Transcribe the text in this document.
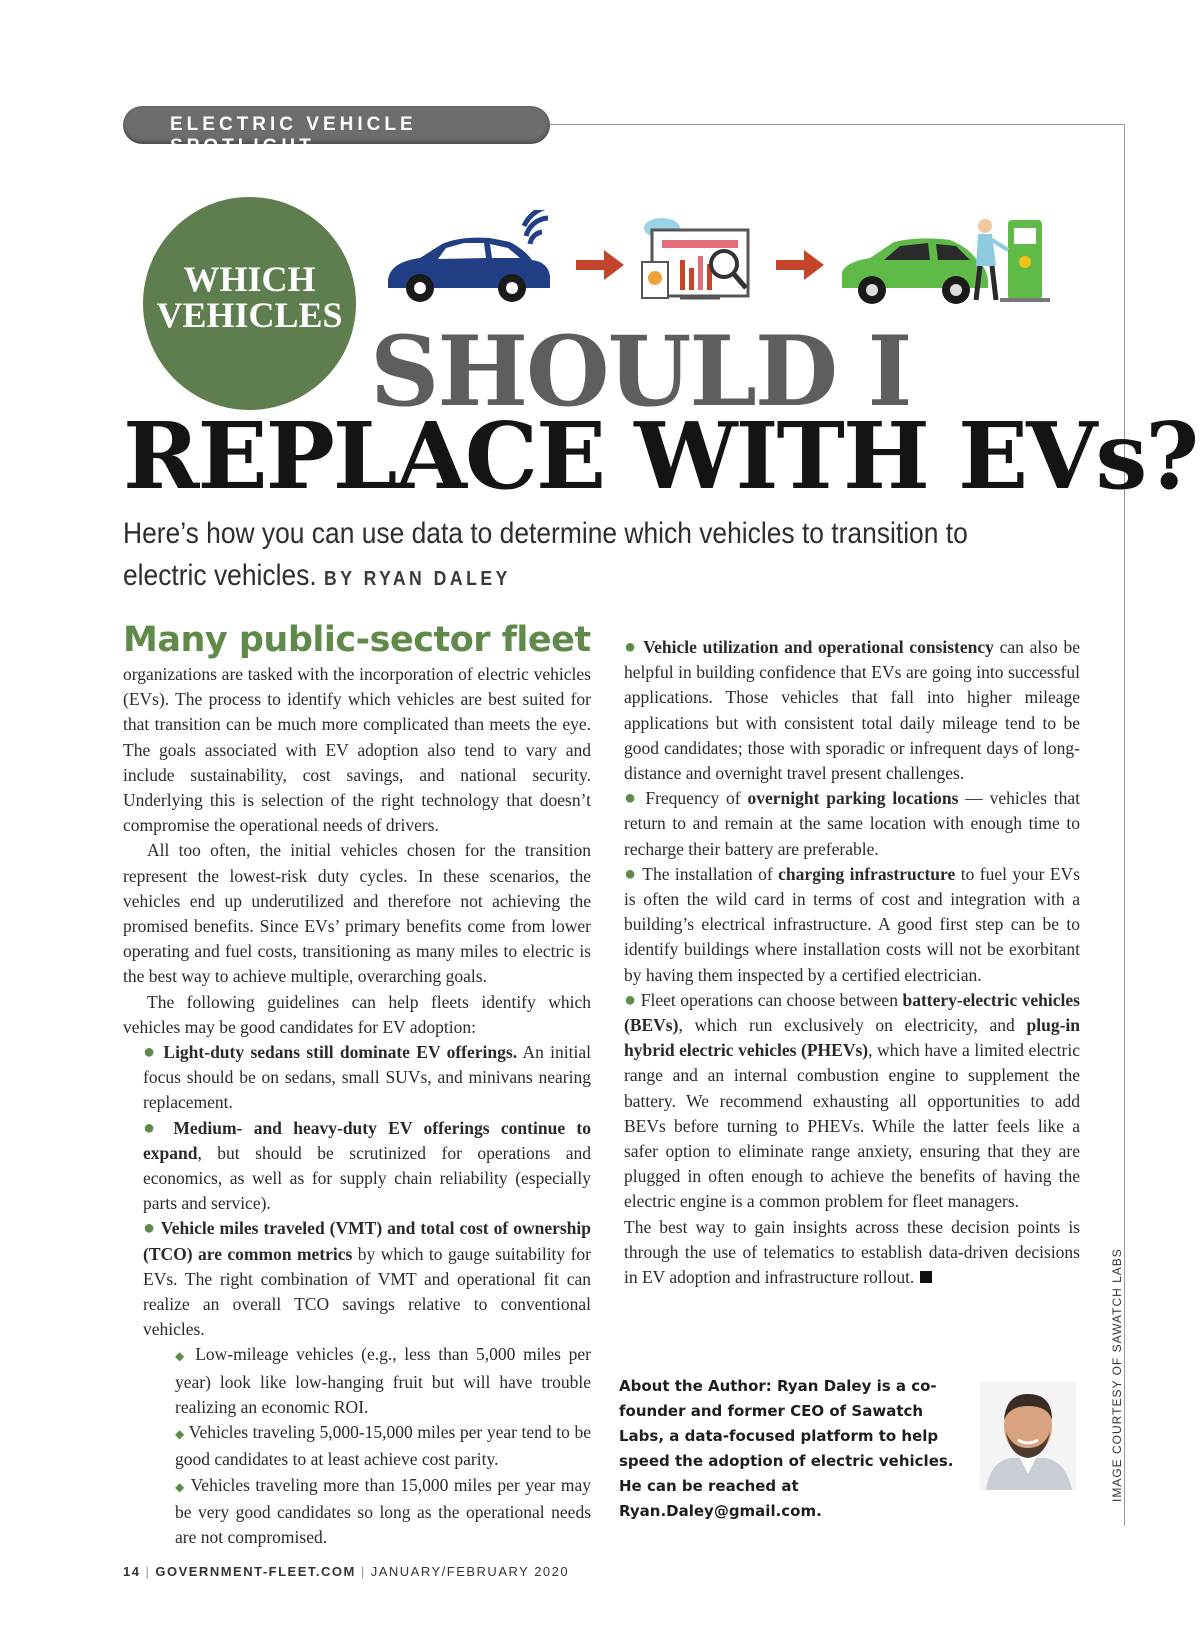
ELECTRIC VEHICLE SPOTLIGHT
WHICH
VEHICLES SHOULD I
REPLACE WITH EVs?
Here’s how you can use data to determine which vehicles to transition to electric vehicles. BY RYAN DALEY
Many public-sector fleet

organizations are tasked with the incorporation of electric vehicles (EVs). The process to identify which vehicles are best suited for that transition can be much more complicated than meets the eye. The goals associated with EV adoption also tend to vary and include sustainability, cost savings, and national security. Underlying this is selection of the right technology that doesn’t compromise the operational needs of drivers.

All too often, the initial vehicles chosen for the transition represent the lowest-risk duty cycles. In these scenarios, the vehicles end up underutilized and therefore not achieving the promised benefits. Since EVs’ primary benefits come from lower operating and fuel costs, transitioning as many miles to electric is the best way to achieve multiple, overarching goals.

The following guidelines can help fleets identify which vehicles may be good candidates for EV adoption:

● Light-duty sedans still dominate EV offerings. An initial focus should be on sedans, small SUVs, and minivans nearing replacement.

● Medium- and heavy-duty EV offerings continue to expand, but should be scrutinized for operations and economics, as well as for supply chain reliability (especially parts and service).

● Vehicle miles traveled (VMT) and total cost of ownership (TCO) are common metrics by which to gauge suitability for EVs. The right combination of VMT and operational fit can realize an overall TCO savings relative to conventional vehicles.

◆ Low-mileage vehicles (e.g., less than 5,000 miles per year) look like low-hanging fruit but will have trouble realizing an economic ROI.

◆ Vehicles traveling 5,000-15,000 miles per year tend to be good candidates to at least achieve cost parity.

◆ Vehicles traveling more than 15,000 miles per year may be very good candidates so long as the operational needs are not compromised.

● Vehicle utilization and operational consistency can also be helpful in building confidence that EVs are going into successful applications. Those vehicles that fall into higher mileage applications but with consistent total daily mileage tend to be good candidates; those with sporadic or infrequent days of long-distance and overnight travel present challenges.

● Frequency of overnight parking locations — vehicles that return to and remain at the same location with enough time to recharge their battery are preferable.

● The installation of charging infrastructure to fuel your EVs is often the wild card in terms of cost and integration with a building’s electrical infrastructure. A good first step can be to identify buildings where installation costs will not be exorbitant by having them inspected by a certified electrician.

● Fleet operations can choose between battery-electric vehicles (BEVs), which run exclusively on electricity, and plug-in hybrid electric vehicles (PHEVs), which have a limited electric range and an internal combustion engine to supplement the battery. We recommend exhausting all opportunities to add BEVs before turning to PHEVs. While the latter feels like a safer option to eliminate range anxiety, ensuring that they are plugged in often enough to achieve the benefits of having the electric engine is a common problem for fleet managers.

The best way to gain insights across these decision points is through the use of telematics to establish data-driven decisions in EV adoption and infrastructure rollout.

About the Author: Ryan Daley is a co-founder and former CEO of Sawatch Labs, a data-focused platform to help speed the adoption of electric vehicles. He can be reached at Ryan.Daley@gmail.com.
IMAGE COURTESY OF SAWATCH LABS
14 | GOVERNMENT-FLEET.COM | JANUARY/FEBRUARY 2020
